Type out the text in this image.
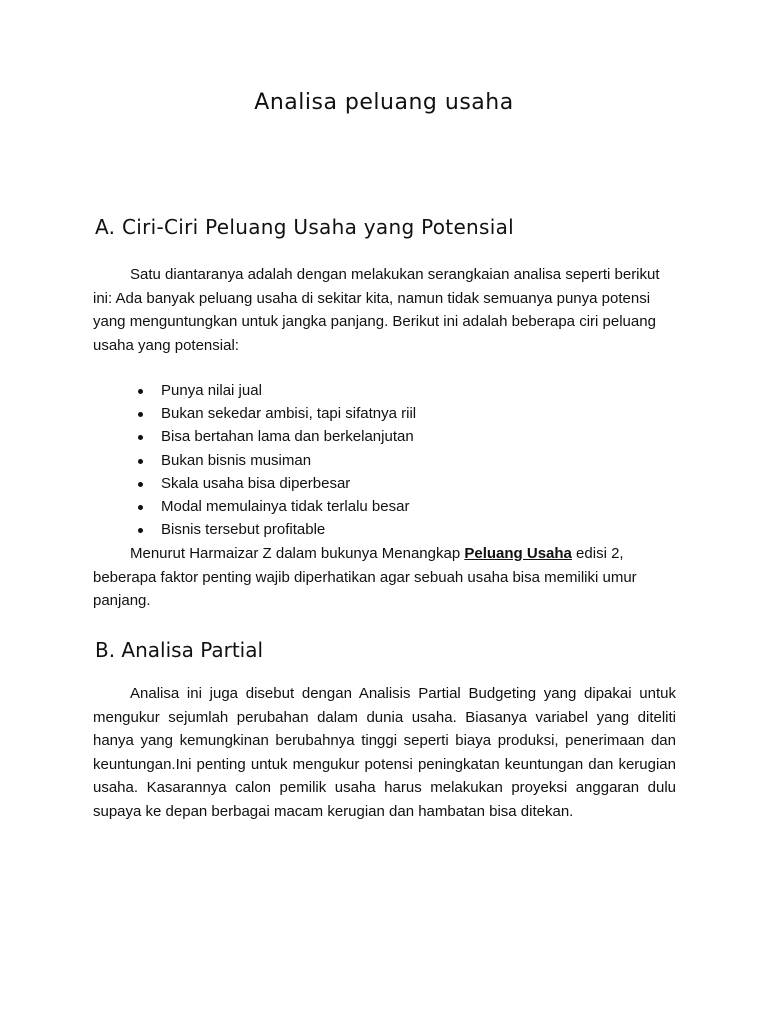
Analisa peluang usaha
A. Ciri-Ciri Peluang Usaha yang Potensial

Satu diantaranya adalah dengan melakukan serangkaian analisa seperti berikut ini: Ada banyak peluang usaha di sekitar kita, namun tidak semuanya punya potensi yang menguntungkan untuk jangka panjang. Berikut ini adalah beberapa ciri peluang usaha yang potensial:

Punya nilai jual
Bukan sekedar ambisi, tapi sifatnya riil
Bisa bertahan lama dan berkelanjutan
Bukan bisnis musiman
Skala usaha bisa diperbesar
Modal memulainya tidak terlalu besar
Bisnis tersebut profitable

Menurut Harmaizar Z dalam bukunya Menangkap Peluang Usaha edisi 2, beberapa faktor penting wajib diperhatikan agar sebuah usaha bisa memiliki umur panjang.

B. Analisa Partial

Analisa ini juga disebut dengan Analisis Partial Budgeting yang dipakai untuk mengukur sejumlah perubahan dalam dunia usaha. Biasanya variabel yang diteliti hanya yang kemungkinan berubahnya tinggi seperti biaya produksi, penerimaan dan keuntungan.Ini penting untuk mengukur potensi peningkatan keuntungan dan kerugian usaha. Kasarannya calon pemilik usaha harus melakukan proyeksi anggaran dulu supaya ke depan berbagai macam kerugian dan hambatan bisa ditekan.
